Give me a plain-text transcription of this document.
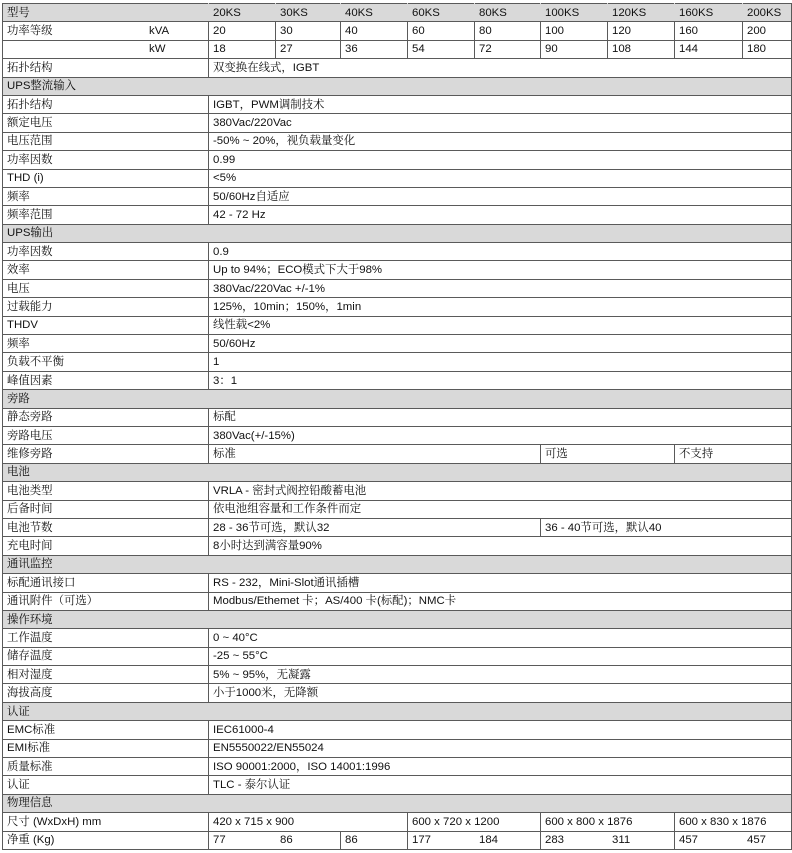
型号		20KS	30KS	40KS	60KS	80KS	100KS	120KS	160KS	200KS
功率等级	kVA	20	30	40	60	80	100	120	160	200
	kW	18	27	36	54	72	90	108	144	180
拓扑结构		双变换在线式，IGBT								
UPS整流输入										
拓扑结构		IGBT，PWM调制技术								
额定电压		380Vac/220Vac								
电压范围		-50% ~ 20%，视负载量变化								
功率因数		0.99								
THD (i)		<5%								
频率		50/60Hz自适应								
频率范围		42 - 72 Hz								
UPS输出										
功率因数		0.9								
效率		Up to 94%；ECO模式下大于98%								
电压		380Vac/220Vac +/-1%								
过载能力		125%，10min；150%，1min								
THDV		线性载<2%								
频率		50/60Hz								
负载不平衡		1								
峰值因素		3：1								
旁路										
静态旁路		标配								
旁路电压		380Vac(+/-15%)								
维修旁路		标准					可选		不支持	
电池										
电池类型		VRLA - 密封式阀控铅酸蓄电池								
后备时间		依电池组容量和工作条件而定								
电池节数		28 - 36节可选，默认32					36 - 40节可选，默认40			
充电时间		8小时达到满容量90%								
通讯监控										
标配通讯接口		RS - 232，Mini-Slot通讯插槽								
通讯附件（可选）		Modbus/Ethemet 卡；AS/400 卡(标配)；NMC卡								
操作环境										
工作温度		0 ~ 40°C								
储存温度		-25 ~ 55°C								
相对湿度		5% ~ 95%，无凝露								
海拔高度		小于1000米，无降额								
认证										
EMC标准		IEC61000-4								
EMI标准		EN5550022/EN55024								
质量标准		ISO 90001:2000，ISO 14001:1996								
认证		TLC - 泰尔认证								
物理信息										
尺寸 (WxDxH) mm		420 x 715 x 900			600 x 720 x 1200		600 x 800 x 1876		600 x 830 x 1876	
净重 (Kg)		77	86	86	177	184	283	311	457	457
